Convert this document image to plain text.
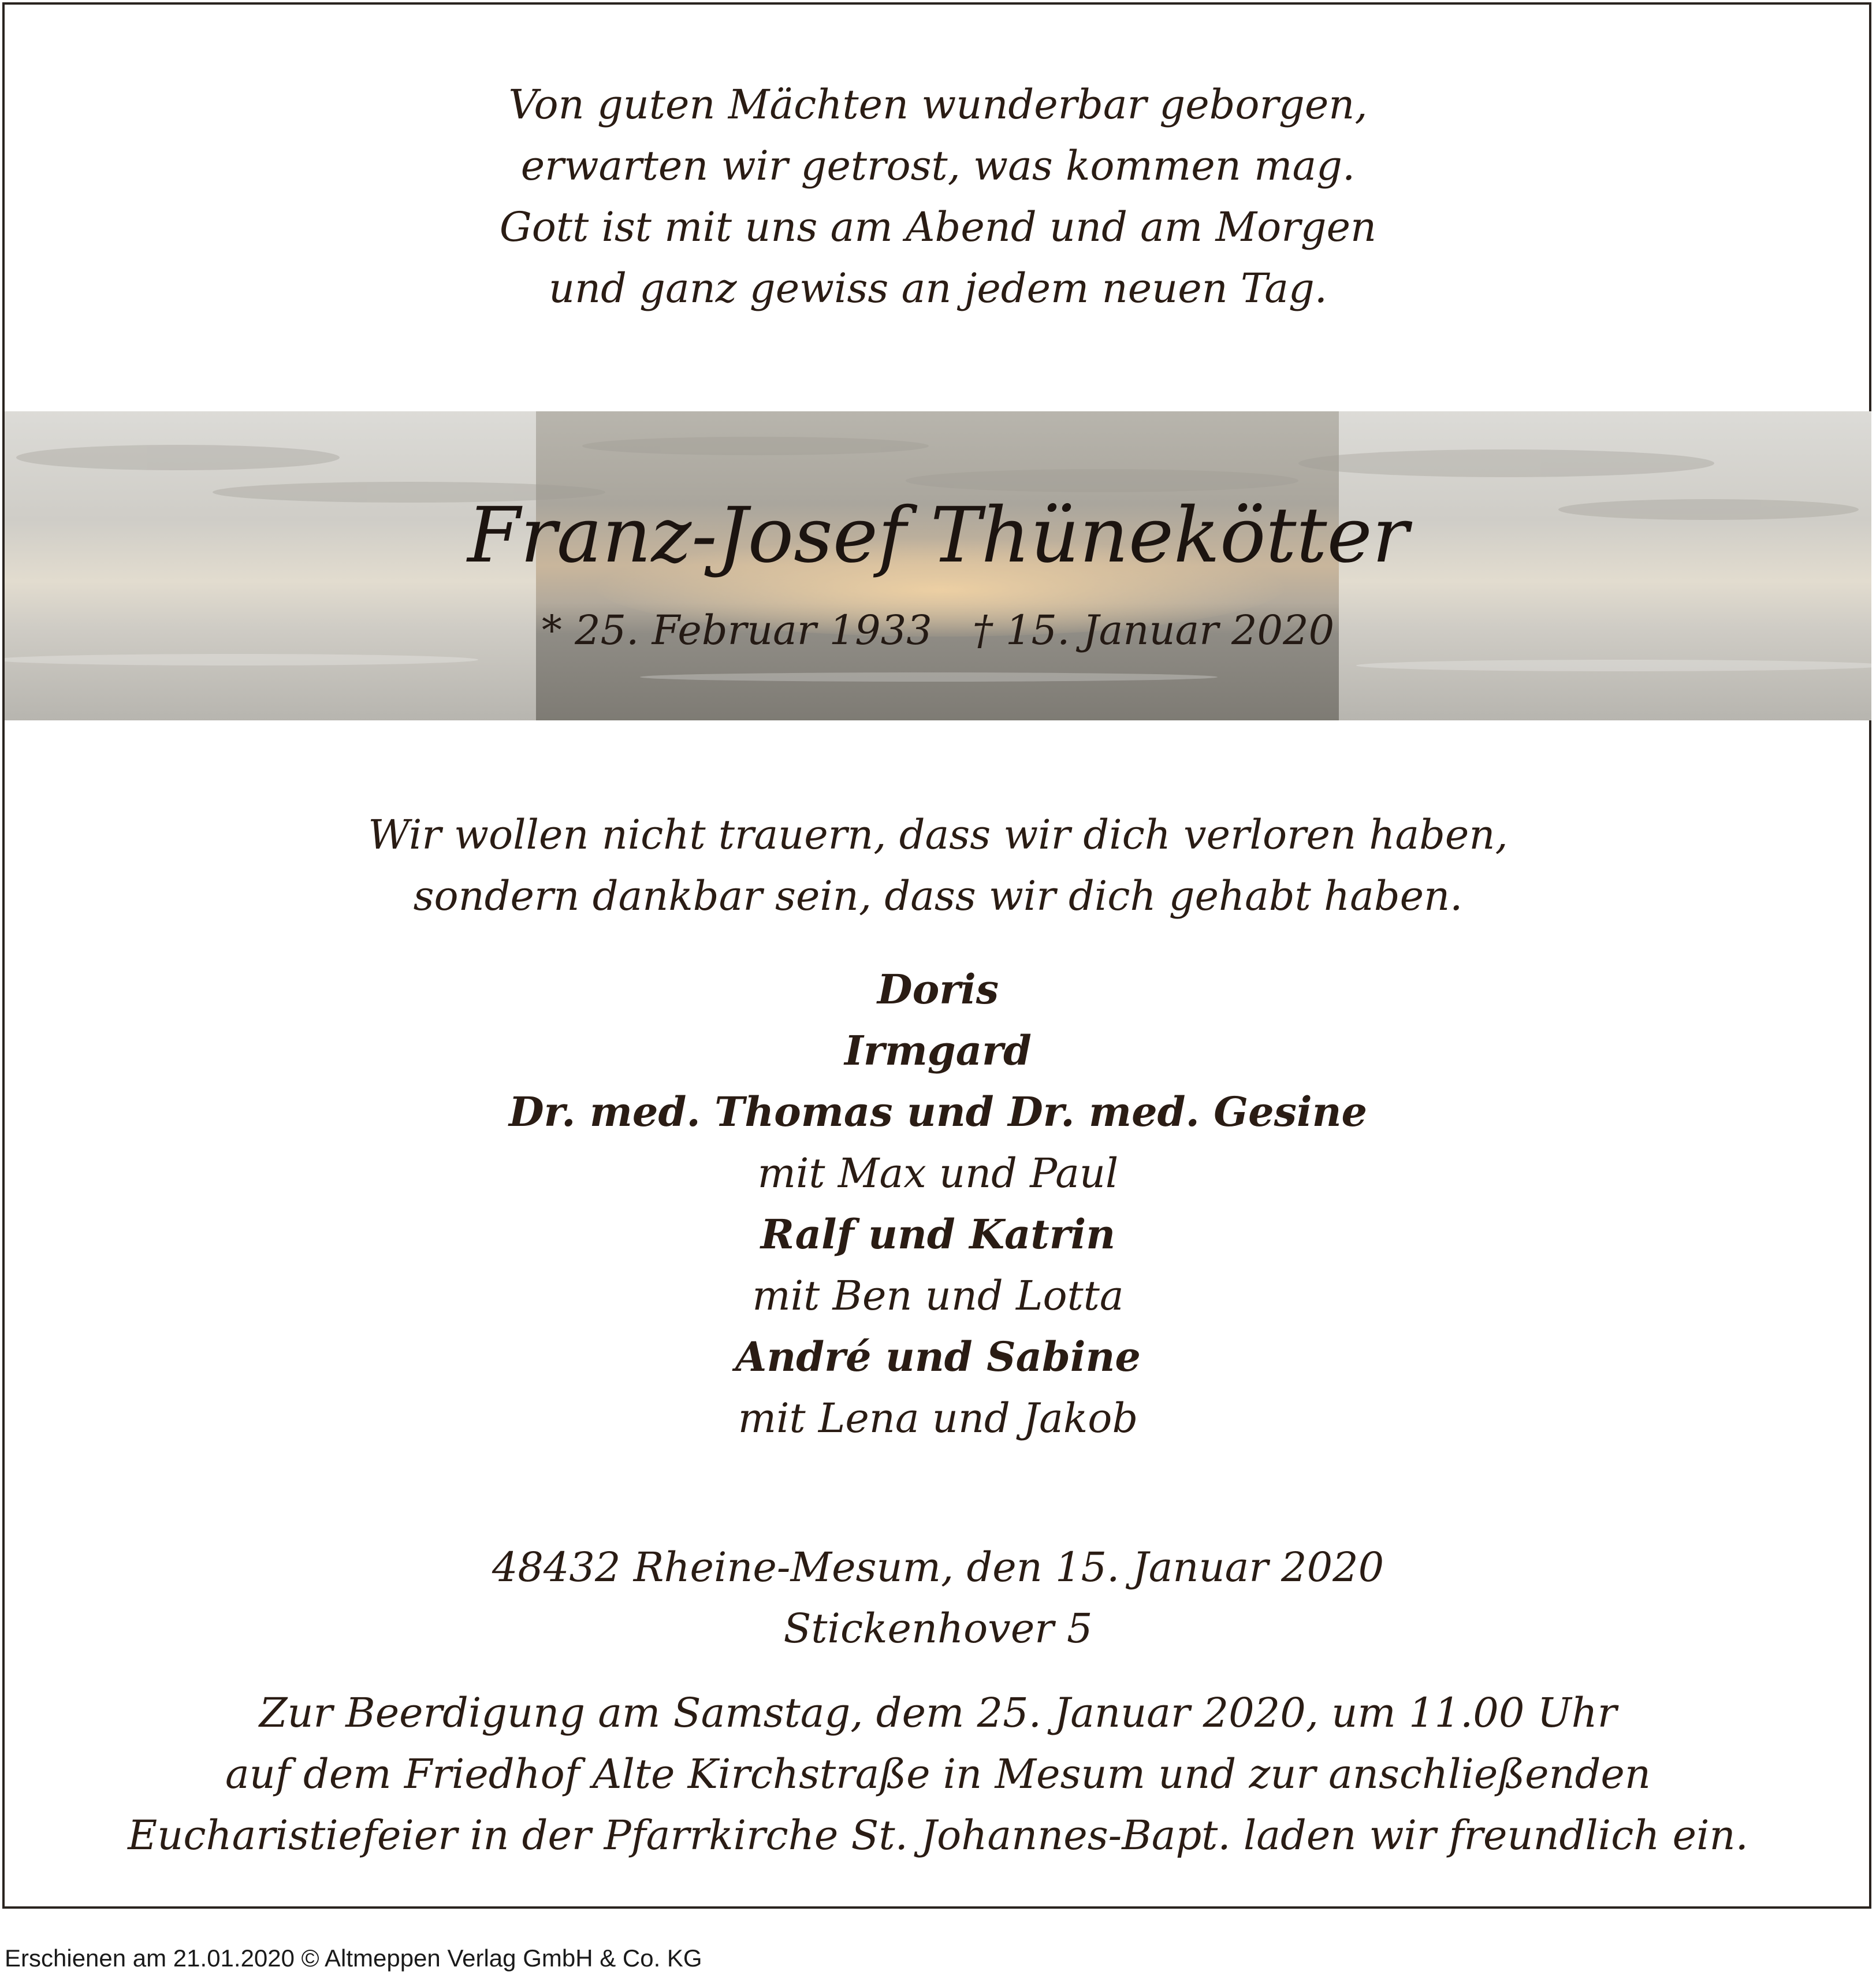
Von guten Mächten wunderbar geborgen,
erwarten wir getrost, was kommen mag.
Gott ist mit uns am Abend und am Morgen
und ganz gewiss an jedem neuen Tag.
Franz-Josef Thünekötter
* 25. Februar 1933 † 15. Januar 2020
Wir wollen nicht trauern, dass wir dich verloren haben,
sondern dankbar sein, dass wir dich gehabt haben.
Doris
Irmgard
Dr. med. Thomas und Dr. med. Gesine
mit Max und Paul
Ralf und Katrin
mit Ben und Lotta
André und Sabine
mit Lena und Jakob
48432 Rheine-Mesum, den 15. Januar 2020
Stickenhover 5
Zur Beerdigung am Samstag, dem 25. Januar 2020, um 11.00 Uhr
auf dem Friedhof Alte Kirchstraße in Mesum und zur anschließenden
Eucharistiefeier in der Pfarrkirche St. Johannes-Bapt. laden wir freundlich ein.
Erschienen am 21.01.2020 © Altmeppen Verlag GmbH & Co. KG
